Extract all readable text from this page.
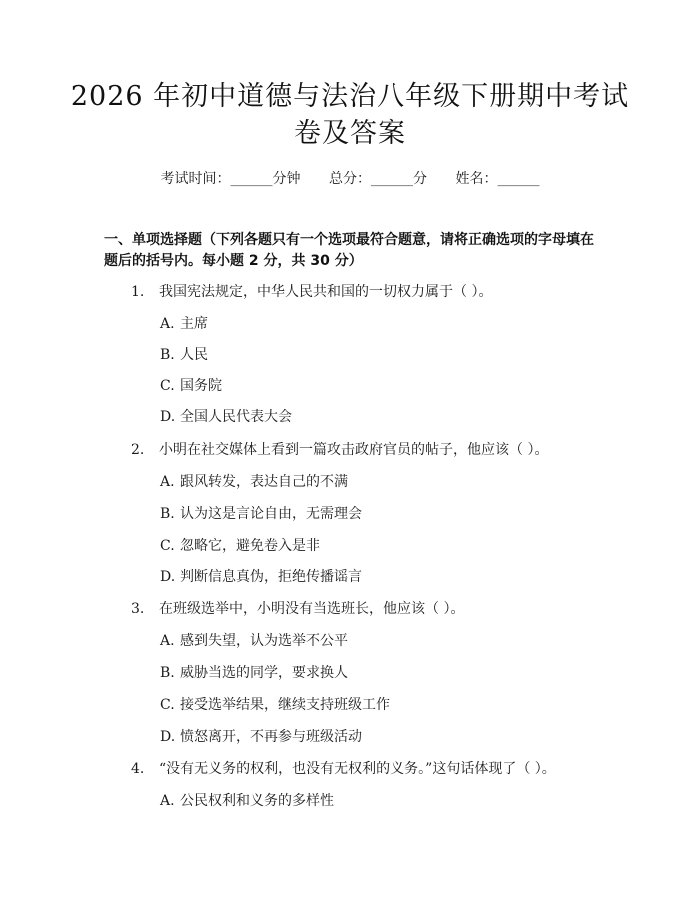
2026 年初中道德与法治八年级下册期中考试
卷及答案
考试时间：______分钟 总分：______分 姓名：______
一、单项选择题（下列各题只有一个选项最符合题意，请将正确选项的字母填在
题后的括号内。每小题 2 分，共 30 分）
1. 我国宪法规定，中华人民共和国的一切权力属于（ ）。
A. 主席
B. 人民
C. 国务院
D. 全国人民代表大会
2. 小明在社交媒体上看到一篇攻击政府官员的帖子，他应该（ ）。
A. 跟风转发，表达自己的不满
B. 认为这是言论自由，无需理会
C. 忽略它，避免卷入是非
D. 判断信息真伪，拒绝传播谣言
3. 在班级选举中，小明没有当选班长，他应该（ ）。
A. 感到失望，认为选举不公平
B. 威胁当选的同学，要求换人
C. 接受选举结果，继续支持班级工作
D. 愤怒离开，不再参与班级活动
4. “没有无义务的权利，也没有无权利的义务。”这句话体现了（ ）。
A. 公民权利和义务的多样性
